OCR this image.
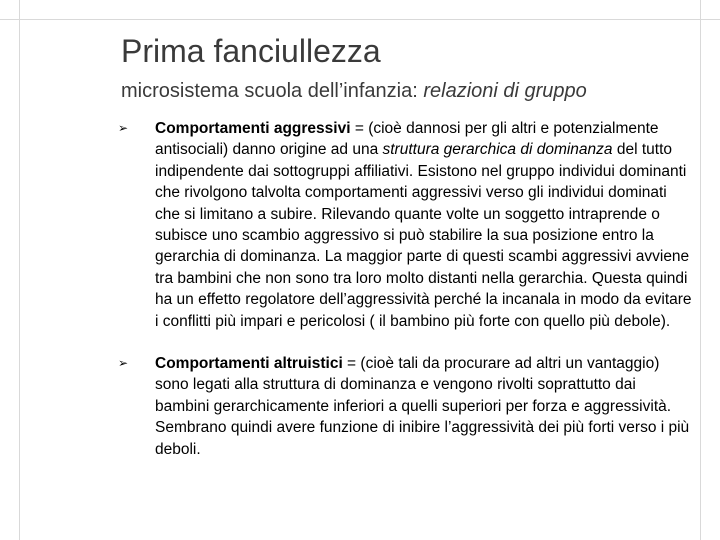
Prima fanciullezza

microsistema scuola dell’infanzia: relazioni di gruppo

➢ Comportamenti aggressivi = (cioè dannosi per gli altri e potenzialmente antisociali) danno origine ad una struttura gerarchica di dominanza del tutto indipendente dai sottogruppi affiliativi. Esistono nel gruppo individui dominanti che rivolgono talvolta comportamenti aggressivi verso gli individui dominati che si limitano a subire. Rilevando quante volte un soggetto intraprende o subisce uno scambio aggressivo si può stabilire la sua posizione entro la gerarchia di dominanza. La maggior parte di questi scambi aggressivi avviene tra bambini che non sono tra loro molto distanti nella gerarchia. Questa quindi ha un effetto regolatore dell’aggressività perché la incanala in modo da evitare i conflitti più impari e pericolosi ( il bambino più forte con quello più debole).
➢ Comportamenti altruistici = (cioè tali da procurare ad altri un vantaggio) sono legati alla struttura di dominanza e vengono rivolti soprattutto dai bambini gerarchicamente inferiori a quelli superiori per forza e aggressività. Sembrano quindi avere funzione di inibire l’aggressività dei più forti verso i più deboli.
